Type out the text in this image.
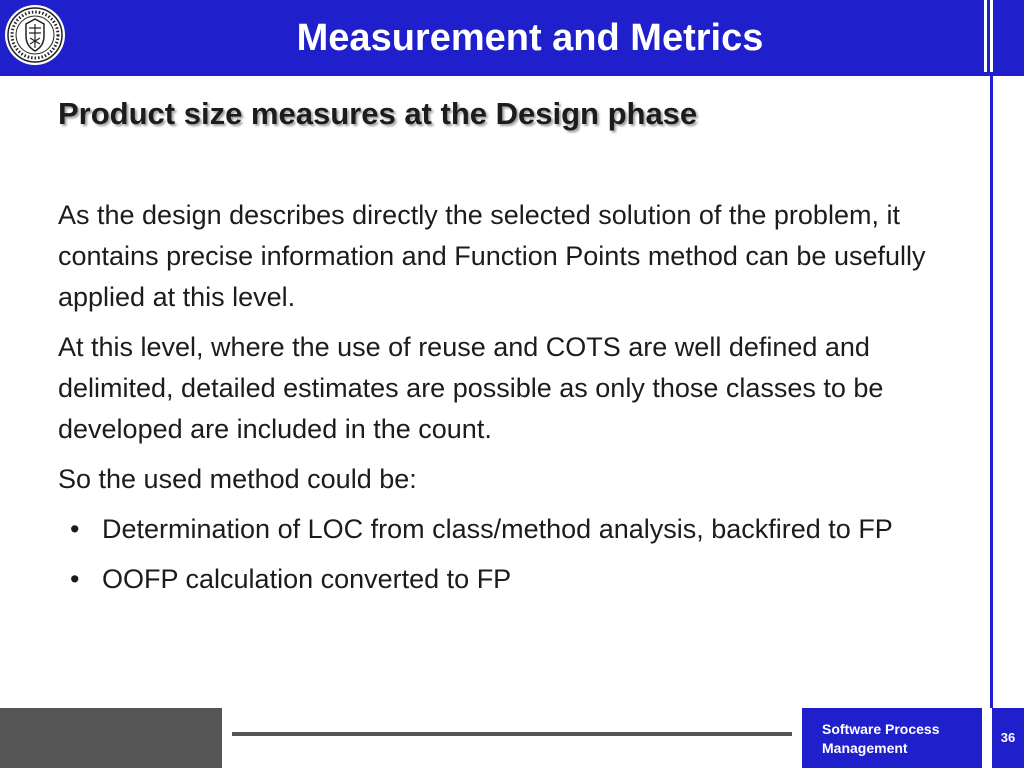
Measurement and Metrics
Product size measures at the Design phase

As the design describes directly the selected solution of the problem, it contains precise information and Function Points method can be usefully applied at this level.

At this level, where the use of reuse and COTS are well defined and delimited, detailed estimates are possible as only those classes to be developed are included in the count.

So the used method could be:

• Determination of LOC from class/method analysis, backfired to FP
• OOFP calculation converted to FP
Software Process
Management
36
